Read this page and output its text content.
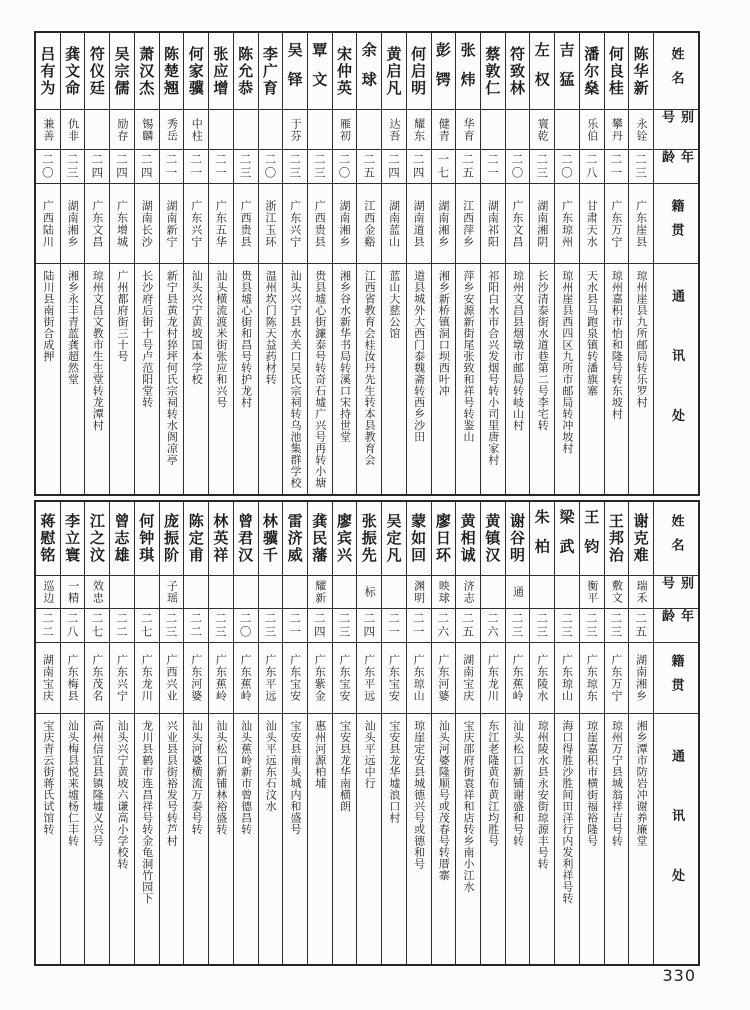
姓名
别号
年龄
籍贯
通讯处
陈华新
永铨
二三
广东崖县
琼州崖县九所邮局转乐罗村
何良桂
攀丹
二一
广东万宁
琼州嘉积市怡和隆号转东坡村
潘尔燊
乐伯
二八
甘肃天水
天水县马跑泉镇转潘旗寨
吉猛
二〇
广东琼州
琼州崖县西四区九所市邮局转冲坡村
左权
寰乾
二三
湖南湘阴
长沙清泰街水道巷第二号李宅转
符致林
二〇
广东文昌
琼州文昌县烟墩市邮局转岐山村
蔡敦仁
二一
湖南祁阳
祁阳白水市合兴发烟号转小司里唐家村
张炜
华育
二五
江西萍乡
萍乡安源新街尾张致和祥号转鉴山
彭锷
健青
一七
湖南湘乡
湘乡新桥镇洞口坝西叶冲
何启明
耀东
二四
湖南道县
道县城外大西门泰魏斋转西乡沙田
黄启凡
达吾
二四
湖南蓝山
蓝山大慈公馆
余球
二五
江西金谿
江西省教育会桂汝丹先生转本县教育会
宋仲英
雁初
二〇
湖南湘乡
湘乡谷水新华书局转溪口宋持世堂
覃文
二三
广西贵县
贵县墟心街濂泰号转奇石墟广兴号再转小塘
吴铎
于芬
二三
广东兴宁
汕头兴宁县水关口吴氏宗祠转乌池集群学校
李广育
二〇
浙江玉环
温州坎门陈天益药材转
陈允恭
二三
广西贵县
贵县墟心街和昌号转护龙村
张应增
二一
广东五华
汕头横流渡米街张应和兴号
何家骥
中柱
二一
广东兴宁
汕头兴宁黄坡国本学校
陈楚翘
秀岳
二一
湖南新宁
新宁县黄龙村猝坪何氏宗祠转水阁凉亭
萧汉杰
锡麟
二四
湖南长沙
长沙府后街十号卢范阳堂转
吴宗儒
励存
二四
广东增城
广州都府街三十号
符仪廷
二四
广东文昌
琼州文昌文教市生生堂转龙潭村
龚文命
仇非
二三
湖南湘乡
湘乡永丰青蓝龚超然堂
吕有为
兼善
二〇
广西陆川
陆川县南街合成押
姓名
别号
年龄
籍贯
通讯处
谢克难
瑞禾
二五
湖南湘乡
湘乡潭市防岩冲谢养廉堂
王邦治
敷文
二三
广东万宁
琼州万宁县城翁祥吉号转
王钧
衡平
二三
广东琼东
琼崖嘉积市横街福裕隆号
梁武
二三
广东琼山
海口得胜沙胜间田洋行内发利祥号转
朱柏
二三
广东陵水
琼州陵水县永安街琼源丰号转
谢谷明
通
二三
广东蕉岭
汕头松口新铺谢盛和号转
黄镇汉
二六
广东龙川
东江老隆黄布黄江均胜号
黄相诚
济志
二五
湖南宝庆
宝庆邵府街袁祥和店转乡南小江水
廖日环
映球
二六
广东河婆
汕头河婆隆顺号或茂春号转厝寨
蒙如回
渊明
二一
广东琼山
琼崖定安县城德兴号或德和号
吴定凡
二一
广东宝安
宝安县龙华墟浪口村
张振先
标
二四
广东平远
汕头平远中行
廖宾兴
二三
广东宝安
宝安县龙华南横朗
龚民藩
耀新
二四
广东紫金
惠州河源柏埔
雷济威
二一
广东宝安
宝安县南头城内和盛号
林骥千
二三
广东平远
汕头平远东石汶水
曾君汉
二〇
广东蕉岭
汕头蕉岭新市曾德昌转
林英祥
二三
广东蕉岭
汕头松口新铺林裕盛转
陈定甫
二二
广东河婆
汕头河婆横流万泰号转
庞振阶
子瑶
二三
广西兴业
兴业县县街裕发号转芦村
何钟琪
二七
广东龙川
龙川县鹤市连昌祥号转金龟洞竹园下
曾志雄
二二
广东兴宁
汕头兴宁黄坡六谦高小学校转
江之汶
效忠
二七
广东茂名
高州信宜县镇隆墟义兴号
李立寰
一精
二八
广东梅县
汕头梅县悦来墟杨仁丰转
蒋慰铭
巡边
二二
湖南宝庆
宝庆青云街蒋氏试馆转
330
